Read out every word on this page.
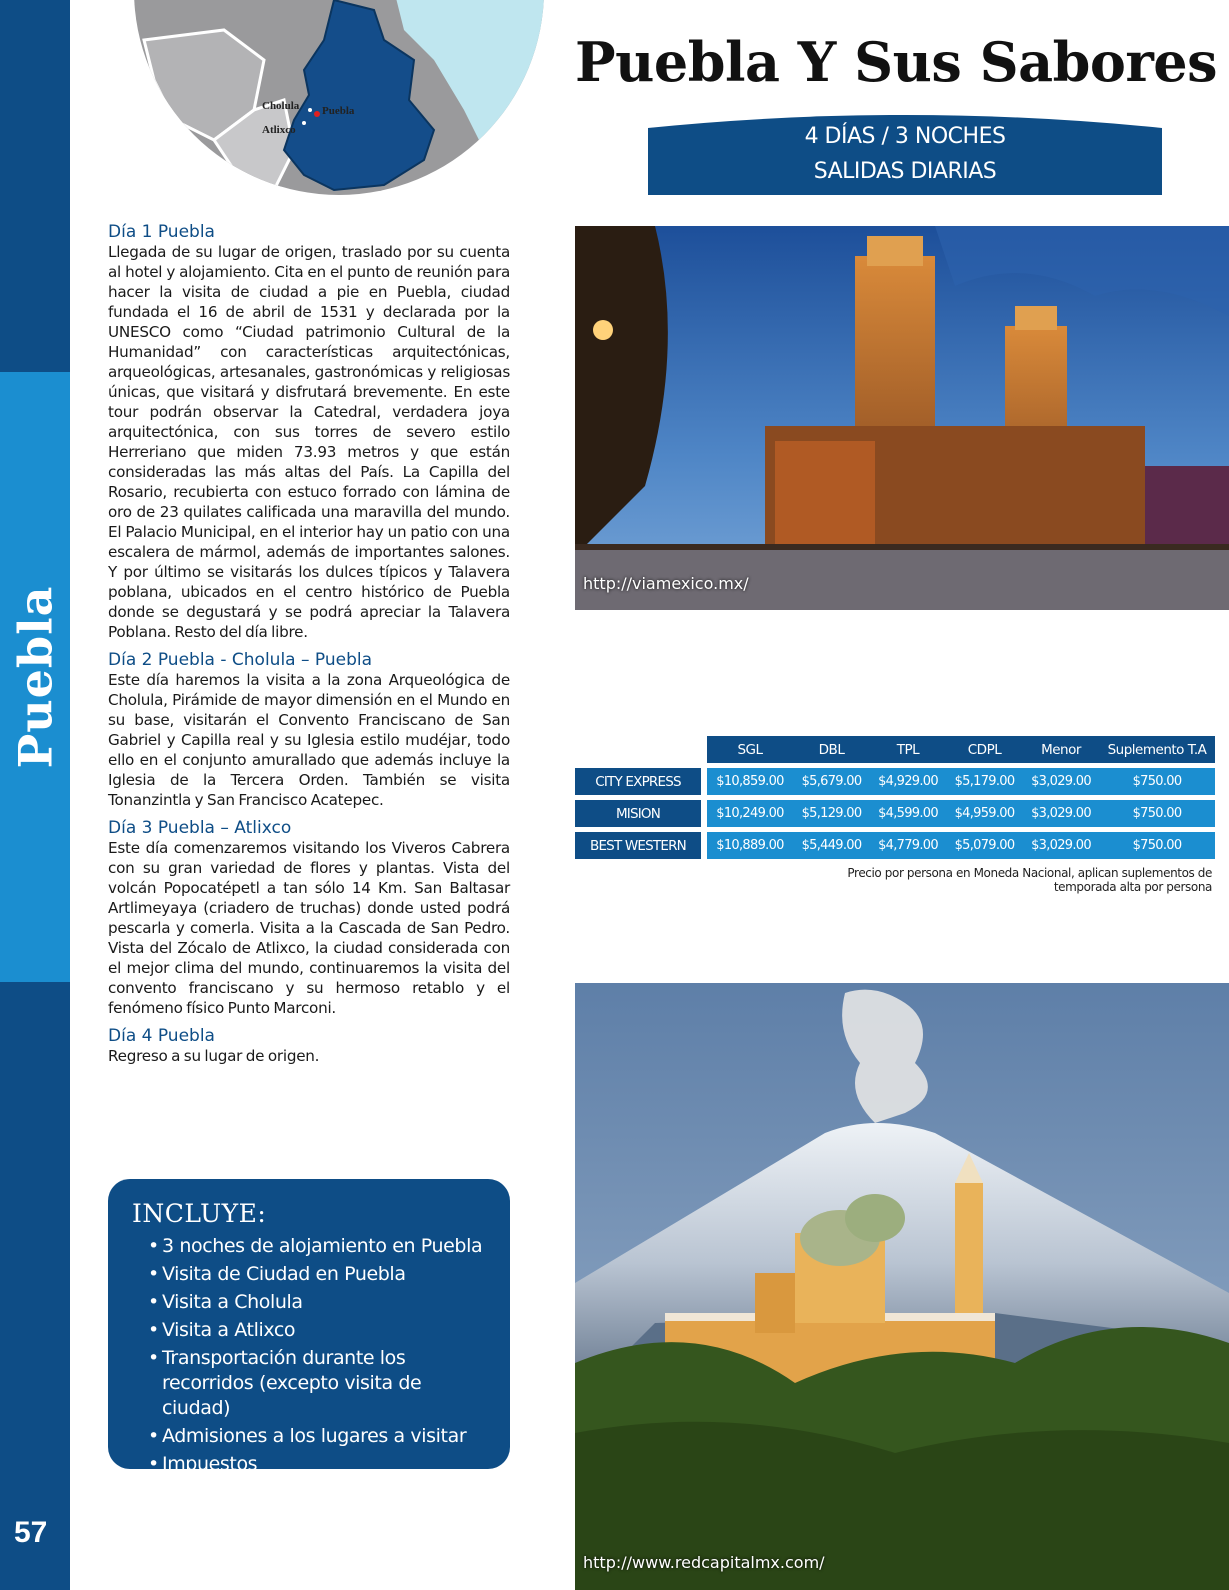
Puebla
57
Cholula Puebla
Atlixco
Puebla Y Sus Sabores
4 DÍAS / 3 NOCHES
SALIDAS DIARIAS
Día 1 Puebla
Llegada de su lugar de origen, traslado por su cuenta al hotel y alojamiento. Cita en el punto de reunión para hacer la visita de ciudad a pie en Puebla, ciudad fundada el 16 de abril de 1531 y declarada por la UNESCO como “Ciudad patrimonio Cultural de la Humanidad” con características arquitectónicas, arqueológicas, artesanales, gastronómicas y religiosas únicas, que visitará y disfrutará brevemente. En este tour podrán observar la Catedral, verdadera joya arquitectónica, con sus torres de severo estilo Herreriano que miden 73.93 metros y que están consideradas las más altas del País. La Capilla del Rosario, recubierta con estuco forrado con lámina de oro de 23 quilates calificada una maravilla del mundo. El Palacio Municipal, en el interior hay un patio con una escalera de mármol, además de importantes salones. Y por último se visitarás los dulces típicos y Talavera poblana, ubicados en el centro histórico de Puebla donde se degustará y se podrá apreciar la Talavera Poblana. Resto del día libre.
Día 2 Puebla - Cholula – Puebla
Este día haremos la visita a la zona Arqueológica de Cholula, Pirámide de mayor dimensión en el Mundo en su base, visitarán el Convento Franciscano de San Gabriel y Capilla real y su Iglesia estilo mudéjar, todo ello en el conjunto amurallado que además incluye la Iglesia de la Tercera Orden. También se visita Tonanzintla y San Francisco Acatepec.
Día 3 Puebla – Atlixco
Este día comenzaremos visitando los Viveros Cabrera con su gran variedad de flores y plantas. Vista del volcán Popocatépetl a tan sólo 14 Km. San Baltasar Artlimeyaya (criadero de truchas) donde usted podrá pescarla y comerla. Visita a la Cascada de San Pedro. Vista del Zócalo de Atlixco, la ciudad considerada con el mejor clima del mundo, continuaremos la visita del convento franciscano y su hermoso retablo y el fenómeno físico Punto Marconi.
Día 4 Puebla
Regreso a su lugar de origen.
http://viamexico.mx/
SGL	DBL	TPL	CDPL	Menor	Suplemento T.A
CITY EXPRESS	$10,859.00	$5,679.00	$4,929.00	$5,179.00	$3,029.00	$750.00
MISION	$10,249.00	$5,129.00	$4,599.00	$4,959.00	$3,029.00	$750.00
BEST WESTERN	$10,889.00	$5,449.00	$4,779.00	$5,079.00	$3,029.00	$750.00
Precio por persona en Moneda Nacional, aplican suplementos de
temporada alta por persona
INCLUYE:
• 3 noches de alojamiento en Puebla
• Visita de Ciudad en Puebla
• Visita a Cholula
• Visita a Atlixco
• Transportación durante los recorridos (excepto visita de ciudad)
• Admisiones a los lugares a visitar
• Impuestos
http://www.redcapitalmx.com/
